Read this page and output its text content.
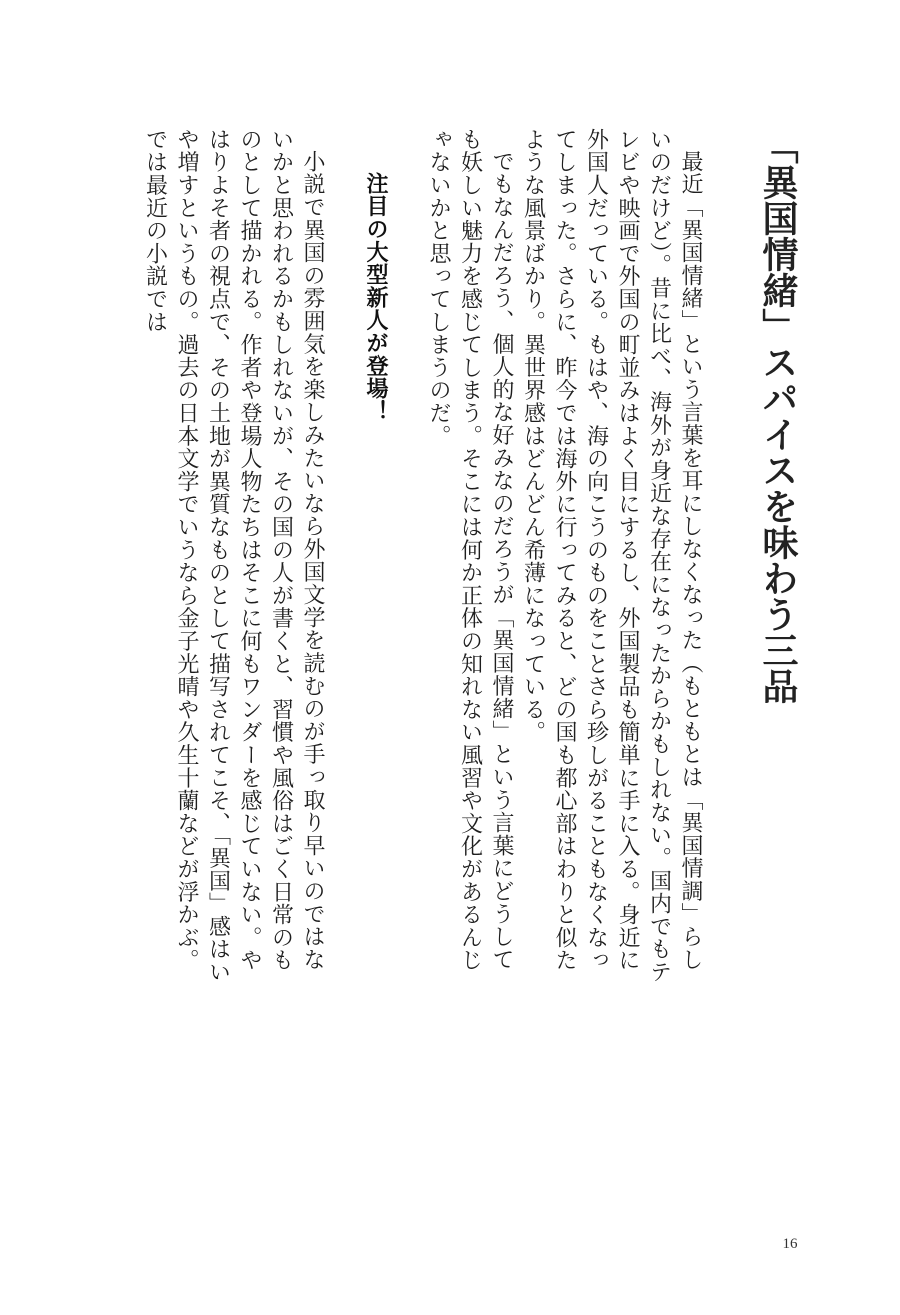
「異国情緒」スパイスを味わう三品

最近「異国情緒」という言葉を耳にしなくなった（もともとは「異国情調」らしいのだけど）。昔に比べ、海外が身近な存在になったからかもしれない。国内でもテレビや映画で外国の町並みはよく目にするし、外国製品も簡単に手に入る。身近に外国人だっている。もはや、海の向こうのものをことさら珍しがることもなくなってしまった。さらに、昨今では海外に行ってみると、どの国も都心部はわりと似たような風景ばかり。異世界感はどんどん希薄になっている。

でもなんだろう、個人的な好みなのだろうが「異国情緒」という言葉にどうしても妖しい魅力を感じてしまう。そこには何か正体の知れない風習や文化があるんじゃないかと思ってしまうのだ。

注目の大型新人が登場！

小説で異国の雰囲気を楽しみたいなら外国文学を読むのが手っ取り早いのではないかと思われるかもしれないが、その国の人が書くと、習慣や風俗はごく日常のものとして描かれる。作者や登場人物たちはそこに何もワンダーを感じていない。やはりよそ者の視点で、その土地が異質なものとして描写されてこそ、「異国」感はいや増すというもの。過去の日本文学でいうなら金子光晴や久生十蘭などが浮かぶ。では最近の小説では

16
